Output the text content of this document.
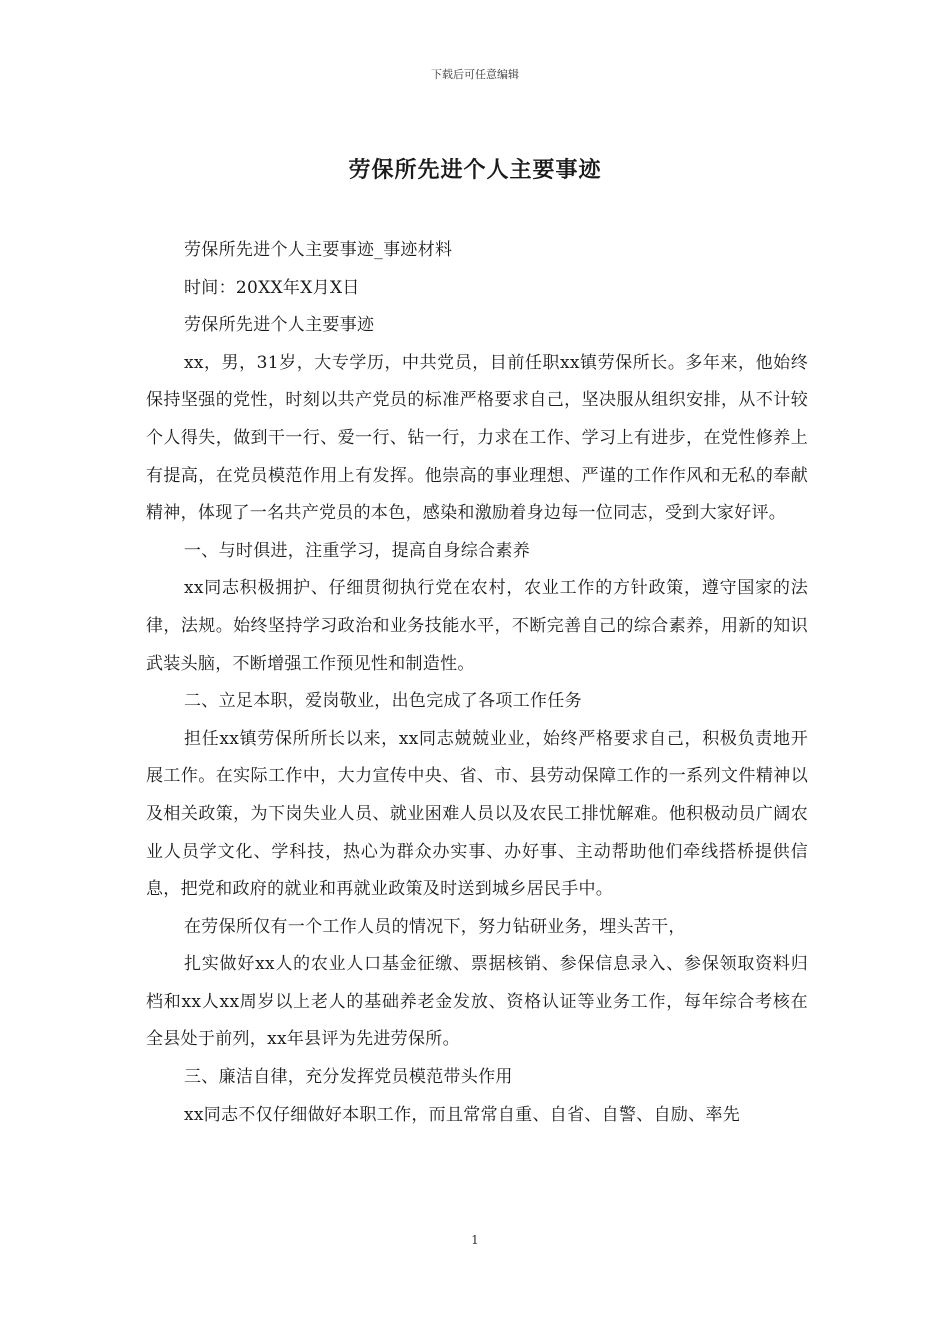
下载后可任意编辑
劳保所先进个人主要事迹

劳保所先进个人主要事迹_事迹材料

时间：20XX年X月X日

劳保所先进个人主要事迹

xx，男，31岁，大专学历，中共党员，目前任职xx镇劳保所长。多年来，他始终保持坚强的党性，时刻以共产党员的标准严格要求自己，坚决服从组织安排，从不计较个人得失，做到干一行、爱一行、钻一行，力求在工作、学习上有进步，在党性修养上有提高，在党员模范作用上有发挥。他崇高的事业理想、严谨的工作作风和无私的奉献精神，体现了一名共产党员的本色，感染和激励着身边每一位同志，受到大家好评。

一、与时俱进，注重学习，提高自身综合素养

xx同志积极拥护、仔细贯彻执行党在农村，农业工作的方针政策，遵守国家的法律，法规。始终坚持学习政治和业务技能水平，不断完善自己的综合素养，用新的知识武装头脑，不断增强工作预见性和制造性。

二、立足本职，爱岗敬业，出色完成了各项工作任务

担任xx镇劳保所所长以来，xx同志兢兢业业，始终严格要求自己，积极负责地开展工作。在实际工作中，大力宣传中央、省、市、县劳动保障工作的一系列文件精神以及相关政策，为下岗失业人员、就业困难人员以及农民工排忧解难。他积极动员广阔农业人员学文化、学科技，热心为群众办实事、办好事、主动帮助他们牵线搭桥提供信息，把党和政府的就业和再就业政策及时送到城乡居民手中。

在劳保所仅有一个工作人员的情况下，努力钻研业务，埋头苦干，

扎实做好xx人的农业人口基金征缴、票据核销、参保信息录入、参保领取资料归档和xx人xx周岁以上老人的基础养老金发放、资格认证等业务工作，每年综合考核在全县处于前列，xx年县评为先进劳保所。

三、廉洁自律，充分发挥党员模范带头作用

xx同志不仅仔细做好本职工作，而且常常自重、自省、自警、自励、率先

1
